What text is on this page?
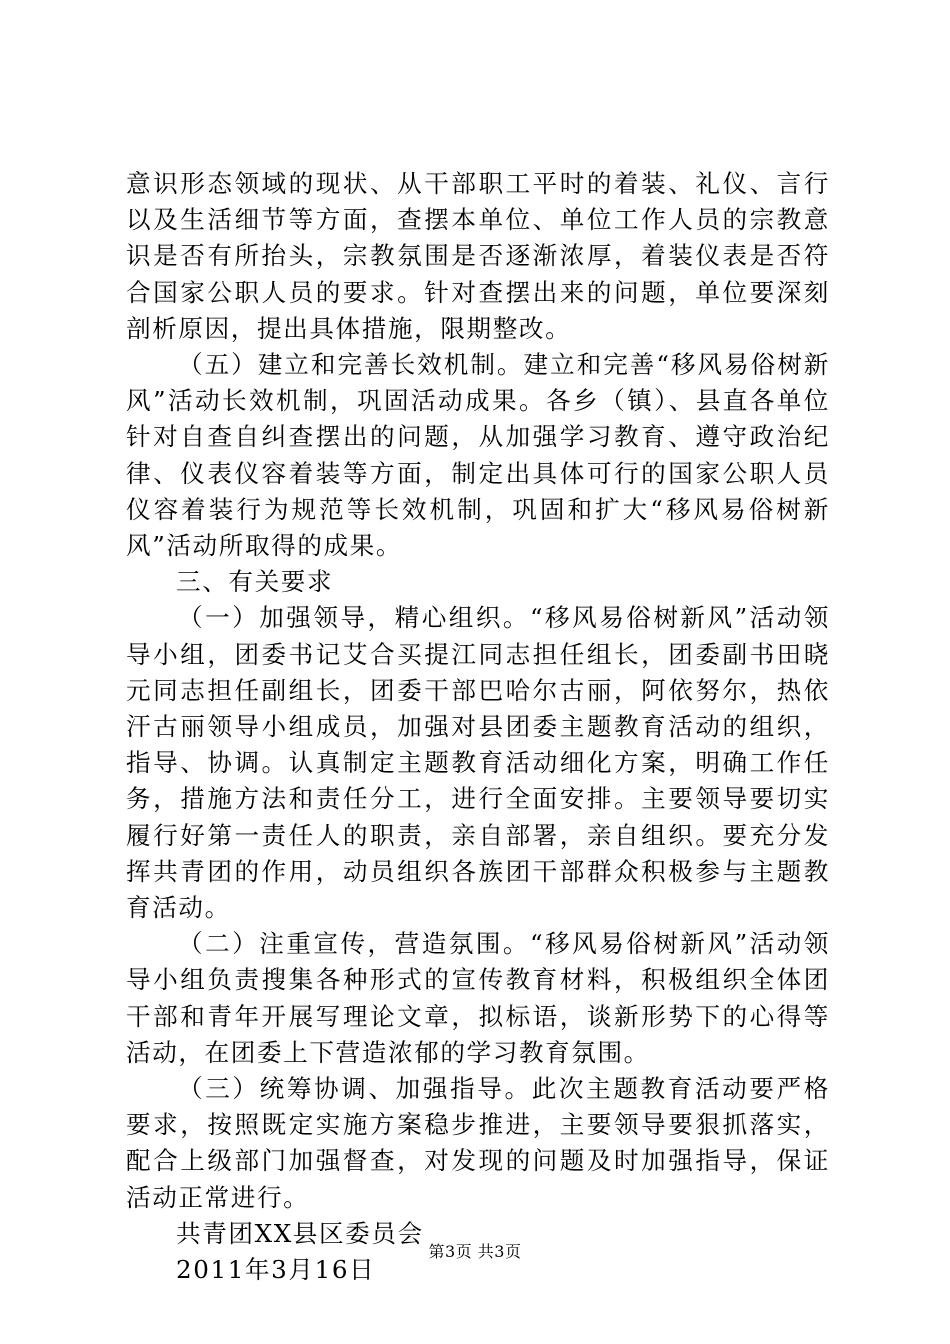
意识形态领域的现状、从干部职工平时的着装、礼仪、言行以及生活细节等方面，查摆本单位、单位工作人员的宗教意识是否有所抬头，宗教氛围是否逐渐浓厚，着装仪表是否符合国家公职人员的要求。针对查摆出来的问题，单位要深刻剖析原因，提出具体措施，限期整改。

（五）建立和完善长效机制。建立和完善“移风易俗树新风”活动长效机制，巩固活动成果。各乡（镇）、县直各单位针对自查自纠查摆出的问题，从加强学习教育、遵守政治纪律、仪表仪容着装等方面，制定出具体可行的国家公职人员仪容着装行为规范等长效机制，巩固和扩大“移风易俗树新风”活动所取得的成果。

三、有关要求

（一）加强领导，精心组织。“移风易俗树新风”活动领导小组，团委书记艾合买提江同志担任组长，团委副书田晓元同志担任副组长，团委干部巴哈尔古丽，阿依努尔，热依汗古丽领导小组成员，加强对县团委主题教育活动的组织，指导、协调。认真制定主题教育活动细化方案，明确工作任务，措施方法和责任分工，进行全面安排。主要领导要切实履行好第一责任人的职责，亲自部署，亲自组织。要充分发挥共青团的作用，动员组织各族团干部群众积极参与主题教育活动。

（二）注重宣传，营造氛围。“移风易俗树新风”活动领导小组负责搜集各种形式的宣传教育材料，积极组织全体团干部和青年开展写理论文章，拟标语，谈新形势下的心得等活动，在团委上下营造浓郁的学习教育氛围。

（三）统筹协调、加强指导。此次主题教育活动要严格要求，按照既定实施方案稳步推进，主要领导要狠抓落实，配合上级部门加强督查，对发现的问题及时加强指导，保证活动正常进行。

共青团XX县区委员会

2011年3月16日

第3页 共3页
